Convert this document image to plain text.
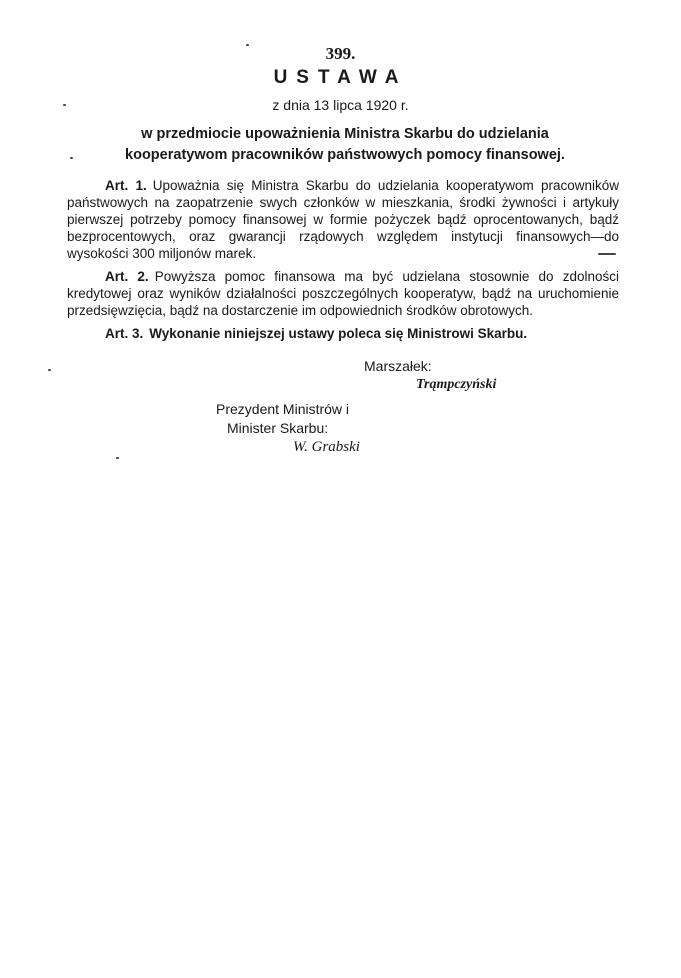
399.
USTAWA
z dnia 13 lipca 1920 r.
w przedmiocie upoważnienia Ministra Skarbu do udzielania kooperatywom pracowników państwowych pomocy finansowej.

Art. 1. Upoważnia się Ministra Skarbu do udzielania kooperatywom pracowników państwowych na zaopatrzenie swych członków w mieszkania, środki żywności i artykuły pierwszej potrzeby pomocy finansowej w formie pożyczek bądź oprocentowanych, bądź bezprocentowych, oraz gwarancji rządowych względem instytucji finansowych—do wysokości 300 miljonów marek.

Art. 2. Powyższa pomoc finansowa ma być udzielana stosownie do zdolności kredytowej oraz wyników działalności poszczególnych kooperatyw, bądź na uruchomienie przedsięwzięcia, bądź na dostarczenie im odpowiednich środków obrotowych.

Art. 3. Wykonanie niniejszej ustawy poleca się Ministrowi Skarbu.

Marszałek:
Trąmpczyński
Prezydent Ministrów i
Minister Skarbu:
W. Grabski
